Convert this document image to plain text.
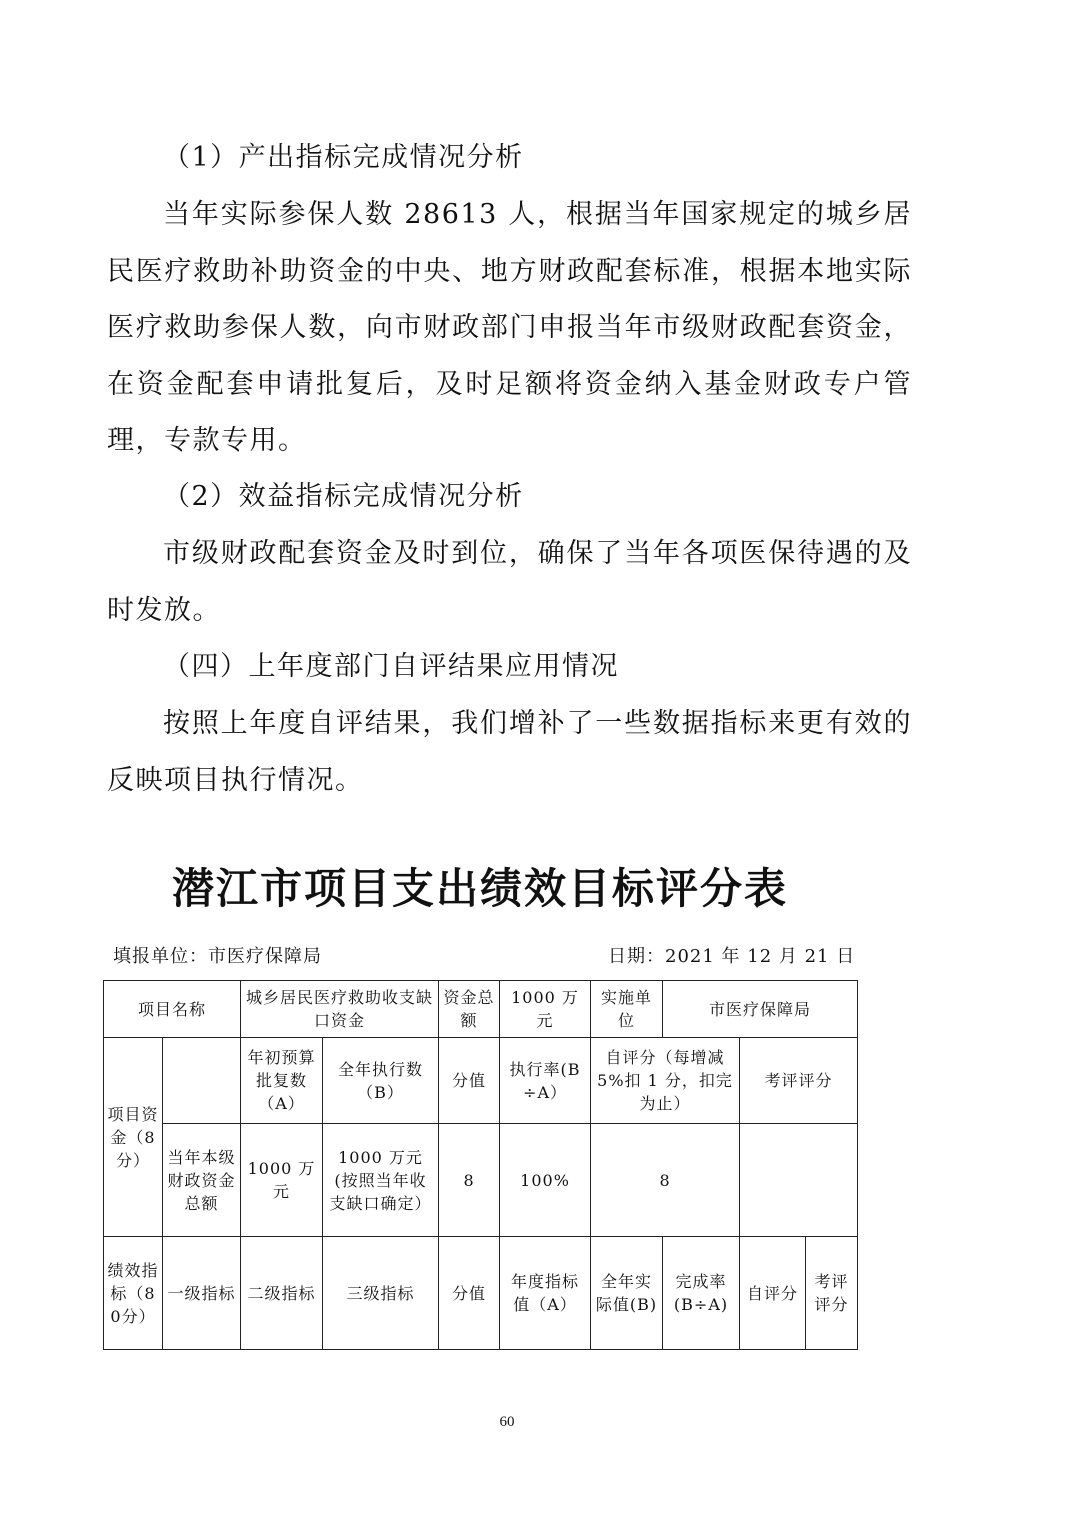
（1）产出指标完成情况分析

当年实际参保人数 28613 人，根据当年国家规定的城乡居民医疗救助补助资金的中央、地方财政配套标准，根据本地实际医疗救助参保人数，向市财政部门申报当年市级财政配套资金，在资金配套申请批复后，及时足额将资金纳入基金财政专户管理，专款专用。

（2）效益指标完成情况分析

市级财政配套资金及时到位，确保了当年各项医保待遇的及时发放。

（四）上年度部门自评结果应用情况

按照上年度自评结果，我们增补了一些数据指标来更有效的反映项目执行情况。

潜江市项目支出绩效目标评分表
填报单位：市医疗保障局	日期：2021 年 12 月 21 日
项目名称		城乡居民医疗救助收支缺口资金		资金总额	1000 万元	实施单位	市医疗保障局		
项目资金（8分）		年初预算批复数（A）	全年执行数（B）	分值	执行率(B÷A）	自评分（每增减5%扣 1 分，扣完为止）		考评评分	
	当年本级财政资金总额	1000 万元	1000 万元(按照当年收支缺口确定）	8	100%	8			
绩效指标（80分）	一级指标	二级指标	三级指标	分值	年度指标值（A）	全年实际值(B)	完成率(B÷A)	自评分	考评评分
60
